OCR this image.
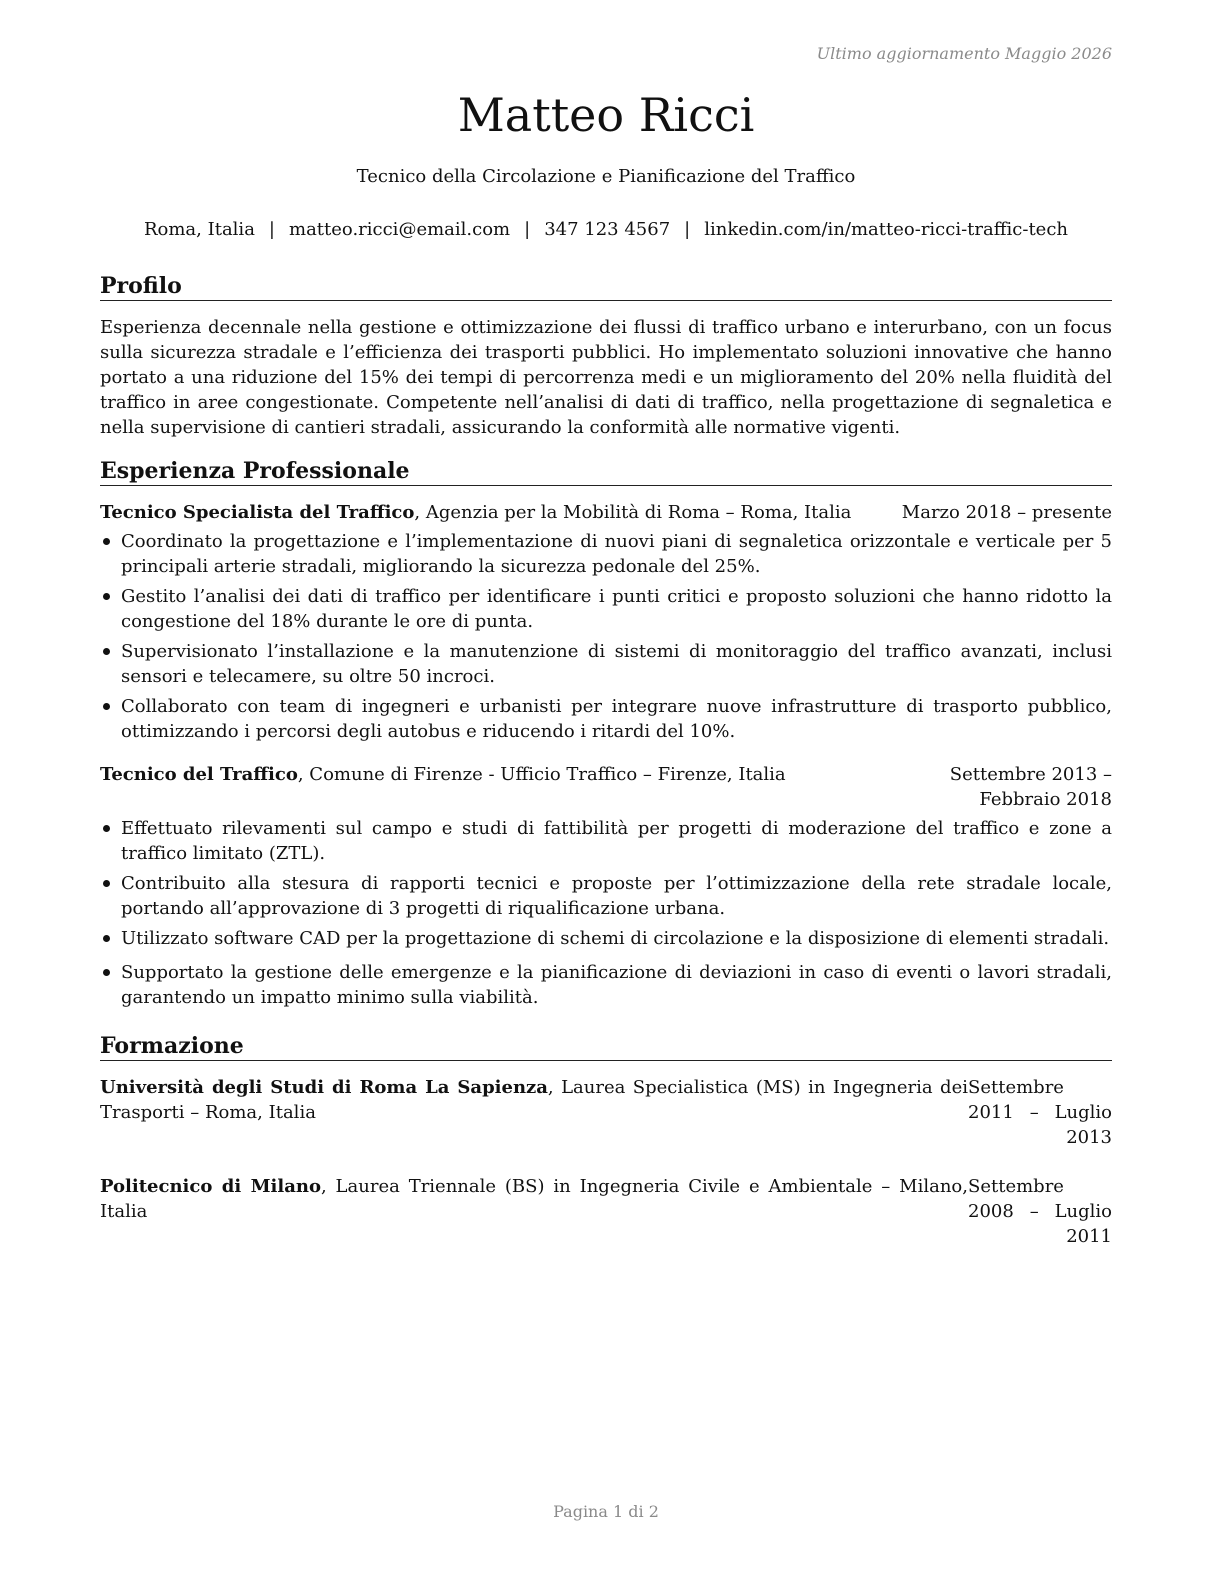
Ultimo aggiornamento Maggio 2026
Matteo Ricci
Tecnico della Circolazione e Pianificazione del Traffico
Roma, Italia | matteo.ricci@email.com | 347 123 4567 | linkedin.com/in/matteo-ricci-traffic-tech
Profilo

Esperienza decennale nella gestione e ottimizzazione dei flussi di traffico urbano e interurbano, con un focus sulla sicurezza stradale e l’efficienza dei trasporti pubblici. Ho implementato soluzioni innovative che hanno portato a una riduzione del 15% dei tempi di percorrenza medi e un miglioramento del 20% nella fluidità del traffico in aree congestionate. Competente nell’analisi di dati di traffico, nella progettazione di segnaletica e nella supervisione di cantieri stradali, assicurando la conformità alle normative vigenti.

Esperienza Professionale
Tecnico Specialista del Traffico, Agenzia per la Mobilità di Roma – Roma, Italia	Marzo 2018 – presente
Coordinato la progettazione e l’implementazione di nuovi piani di segnaletica orizzontale e verticale per 5 principali arterie stradali, migliorando la sicurezza pedonale del 25%.
Gestito l’analisi dei dati di traffico per identificare i punti critici e proposto soluzioni che hanno ridotto la congestione del 18% durante le ore di punta.
Supervisionato l’installazione e la manutenzione di sistemi di monitoraggio del traffico avanzati, inclusi sensori e telecamere, su oltre 50 incroci.
Collaborato con team di ingegneri e urbanisti per integrare nuove infrastrutture di trasporto pubblico, ottimizzando i percorsi degli autobus e riducendo i ritardi del 10%.
Tecnico del Traffico, Comune di Firenze - Ufficio Traffico – Firenze, Italia	Settembre 2013 – Febbraio 2018
Effettuato rilevamenti sul campo e studi di fattibilità per progetti di moderazione del traffico e zone a traffico limitato (ZTL).
Contribuito alla stesura di rapporti tecnici e proposte per l’ottimizzazione della rete stradale locale, portando all’approvazione di 3 progetti di riqualificazione urbana.
Utilizzato software CAD per la progettazione di schemi di circolazione e la disposizione di elementi stradali.
Supportato la gestione delle emergenze e la pianificazione di deviazioni in caso di eventi o lavori stradali, garantendo un impatto minimo sulla viabilità.
Formazione
Università degli Studi di Roma La Sapienza, Laurea Specialistica (MS) in Ingegneria dei Trasporti – Roma, Italia
Settembre 2011 – Luglio
2013
Politecnico di Milano, Laurea Triennale (BS) in Ingegneria Civile e Ambientale – Milano, Italia
Settembre 2008 – Luglio
2011
Pagina 1 di 2
